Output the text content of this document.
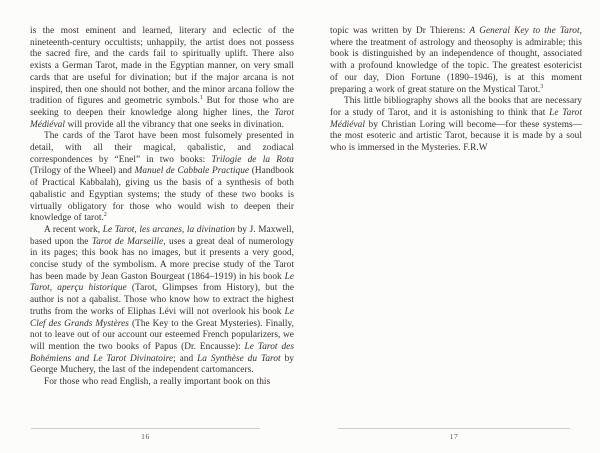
is the most eminent and learned, literary and eclectic of the nineteenth-century occultists; unhappily, the artist does not possess the sacred fire, and the cards fail to spiritually uplift. There also exists a German Tarot, made in the Egyptian manner, on very small cards that are useful for divination; but if the major arcana is not inspired, then one should not bother, and the minor arcana follow the tradition of figures and geometric symbols.$^1$ But for those who are seeking to deepen their knowledge along higher lines, the Tarot Médiéval will provide all the vibrancy that one seeks in divination.

The cards of the Tarot have been most fulsomely presented in detail, with all their magical, qabalistic, and zodiacal correspondences by “Enel” in two books: Trilogie de la Rota (Trilogy of the Wheel) and Manuel de Cabbale Practique (Handbook of Practical Kabbalah), giving us the basis of a synthesis of both qabalistic and Egyptian systems; the study of these two books is virtually obligatory for those who would wish to deepen their knowledge of tarot.$^2$

A recent work, Le Tarot, les arcanes, la divination by J. Maxwell, based upon the Tarot de Marseille, uses a great deal of numerology in its pages; this book has no images, but it presents a very good, concise study of the symbolism. A more precise study of the Tarot has been made by Jean Gaston Bourgeat (1864–1919) in his book Le Tarot, aperçu historique (Tarot, Glimpses from History), but the author is not a qabalist. Those who know how to extract the highest truths from the works of Eliphas Lévi will not overlook his book Le Clef des Grands Mystères (The Key to the Great Mysteries). Finally, not to leave out of our account our esteemed French popularizers, we will mention the two books of Papus (Dr. Encausse): Le Tarot des Bohémiens and Le Tarot Divinatoire; and La Synthèse du Tarot by George Muchery, the last of the independent cartomancers.

For those who read English, a really important book on this

topic was written by Dr Thierens: A General Key to the Tarot, where the treatment of astrology and theosophy is admirable; this book is distinguished by an independence of thought, associated with a profound knowledge of the topic. The greatest esotericist of our day, Dion Fortune (1890–1946), is at this moment preparing a work of great stature on the Mystical Tarot.$^3$

This little bibliography shows all the books that are necessary for a study of Tarot, and it is astonishing to think that Le Tarot Médiéval by Christian Loring will become—for these systems—the most esoteric and artistic Tarot, because it is made by a soul who is immersed in the Mysteries. F.R.W

16	17
